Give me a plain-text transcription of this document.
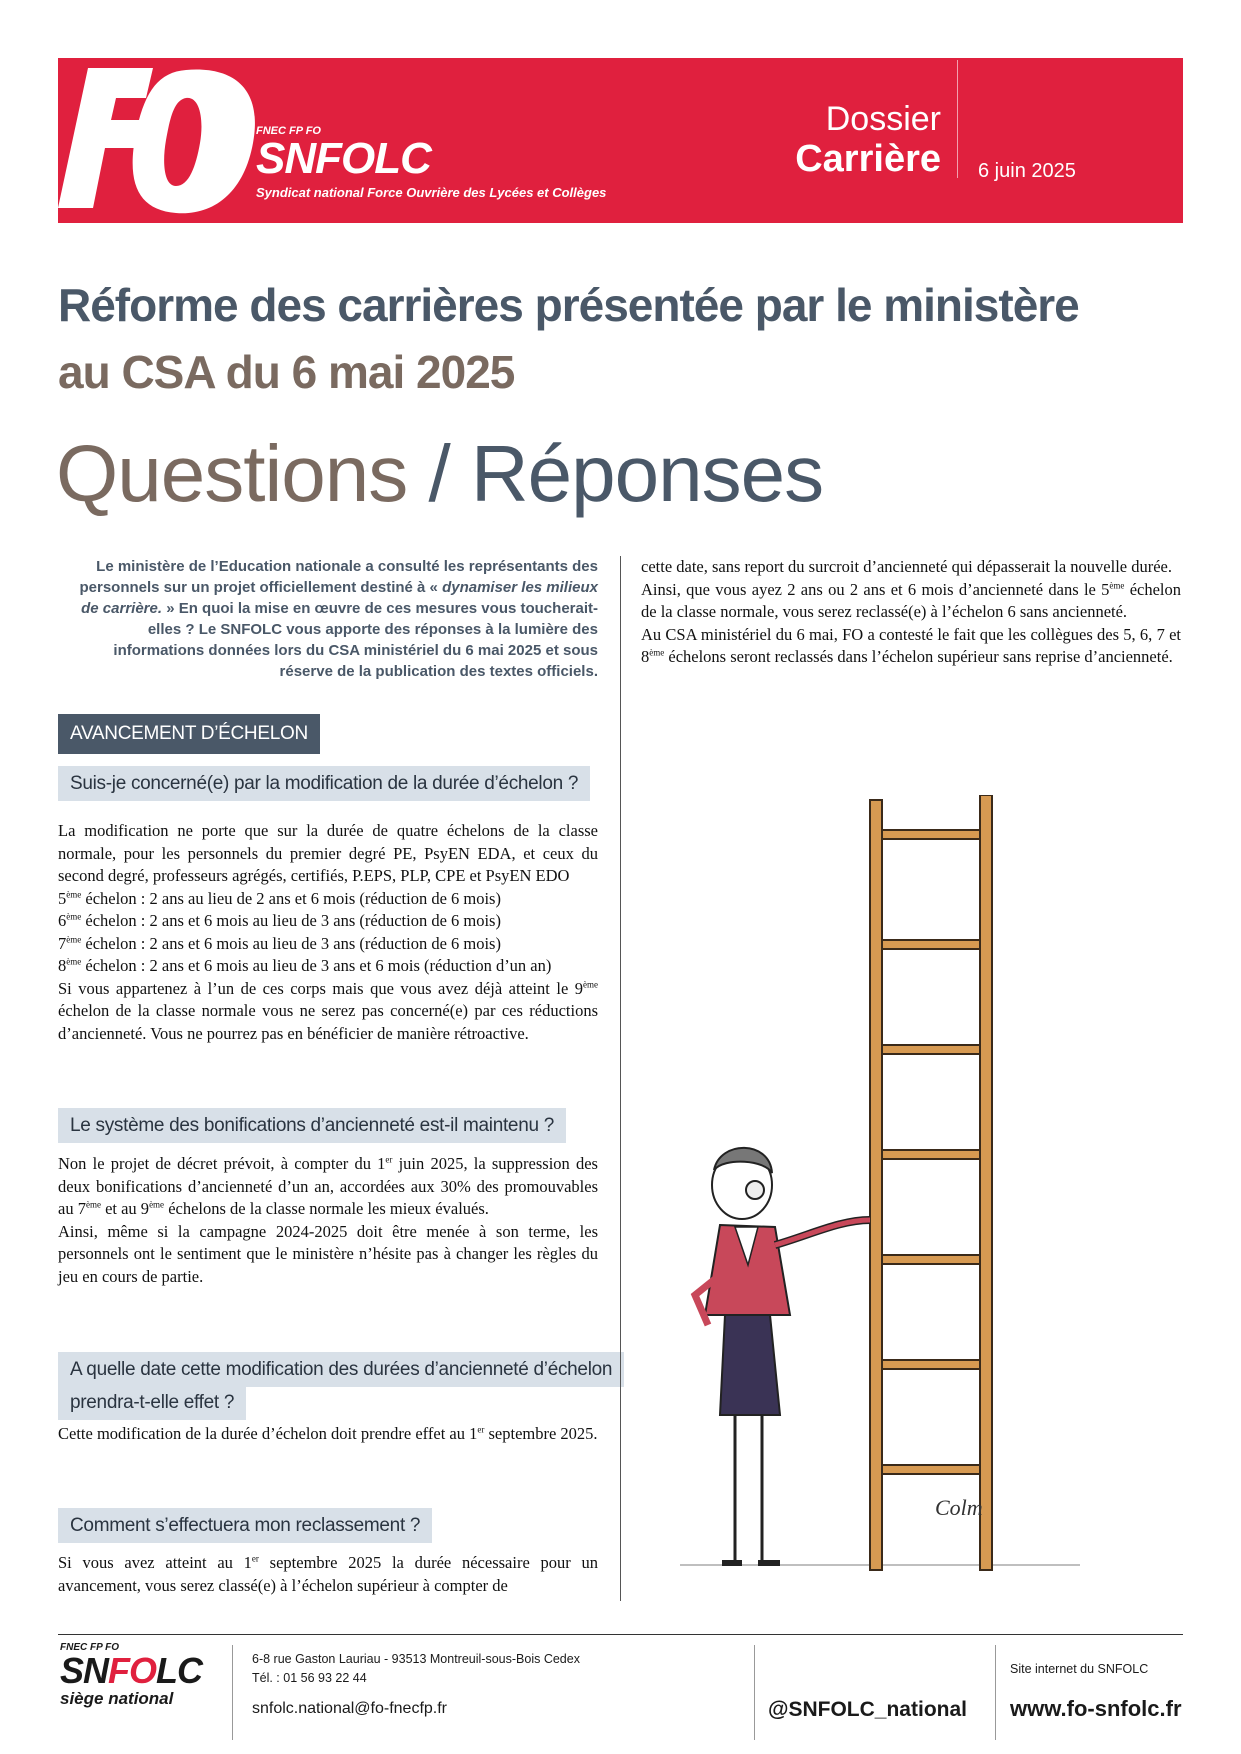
FNEC FP FO
SNFOLC
Syndicat national Force Ouvrière des Lycées et Collèges
Dossier
Carrière 6 juin 2025
Réforme des carrières présentée par le ministère
au CSA du 6 mai 2025
Questions / Réponses
Le ministère de l’Education nationale a consulté les représentants des personnels sur un projet officiellement destiné à « dynamiser les milieux de carrière. » En quoi la mise en œuvre de ces mesures vous toucherait-elles ? Le SNFOLC vous apporte des réponses à la lumière des informations données lors du CSA ministériel du 6 mai 2025 et sous réserve de la publication des textes officiels.
AVANCEMENT D’ÉCHELON
Suis-je concerné(e) par la modification de la durée d’échelon ?
La modification ne porte que sur la durée de quatre échelons de la classe normale, pour les personnels du premier degré PE, PsyEN EDA, et ceux du second degré, professeurs agrégés, certifiés, P.EPS, PLP, CPE et PsyEN EDO
5ème échelon : 2 ans au lieu de 2 ans et 6 mois (réduction de 6 mois)
6ème échelon : 2 ans et 6 mois au lieu de 3 ans (réduction de 6 mois)
7ème échelon : 2 ans et 6 mois au lieu de 3 ans (réduction de 6 mois)
8ème échelon : 2 ans et 6 mois au lieu de 3 ans et 6 mois (réduction d’un an)
Si vous appartenez à l’un de ces corps mais que vous avez déjà atteint le 9ème échelon de la classe normale vous ne serez pas concerné(e) par ces réductions d’ancienneté. Vous ne pourrez pas en bénéficier de manière rétroactive.
Le système des bonifications d’ancienneté est-il maintenu ?
Non le projet de décret prévoit, à compter du 1er juin 2025, la suppression des deux bonifications d’ancienneté d’un an, accordées aux 30% des promouvables au 7ème et au 9ème échelons de la classe normale les mieux évalués.
Ainsi, même si la campagne 2024-2025 doit être menée à son terme, les personnels ont le sentiment que le ministère n’hésite pas à changer les règles du jeu en cours de partie.
A quelle date cette modification des durées d’ancienneté d’échelon
prendra-t-elle effet ?
Cette modification de la durée d’échelon doit prendre effet au 1er septembre 2025.
Comment s’effectuera mon reclassement ?
Si vous avez atteint au 1er septembre 2025 la durée nécessaire pour un avancement, vous serez classé(e) à l’échelon supérieur à compter de
cette date, sans report du surcroit d’ancienneté qui dépasserait la nouvelle durée.
Ainsi, que vous ayez 2 ans ou 2 ans et 6 mois d’ancienneté dans le 5ème échelon de la classe normale, vous serez reclassé(e) à l’échelon 6 sans ancienneté.
Au CSA ministériel du 6 mai, FO a contesté le fait que les collègues des 5, 6, 7 et 8ème échelons seront reclassés dans l’échelon supérieur sans reprise d’ancienneté.
Colm
FNEC FP FO
SNFOLC
siège national
6-8 rue Gaston Lauriau - 93513 Montreuil-sous-Bois Cedex
Tél. : 01 56 93 22 44
snfolc.national@fo-fnecfp.fr	@SNFOLC_national
Site internet du SNFOLC
www.fo-snfolc.fr
